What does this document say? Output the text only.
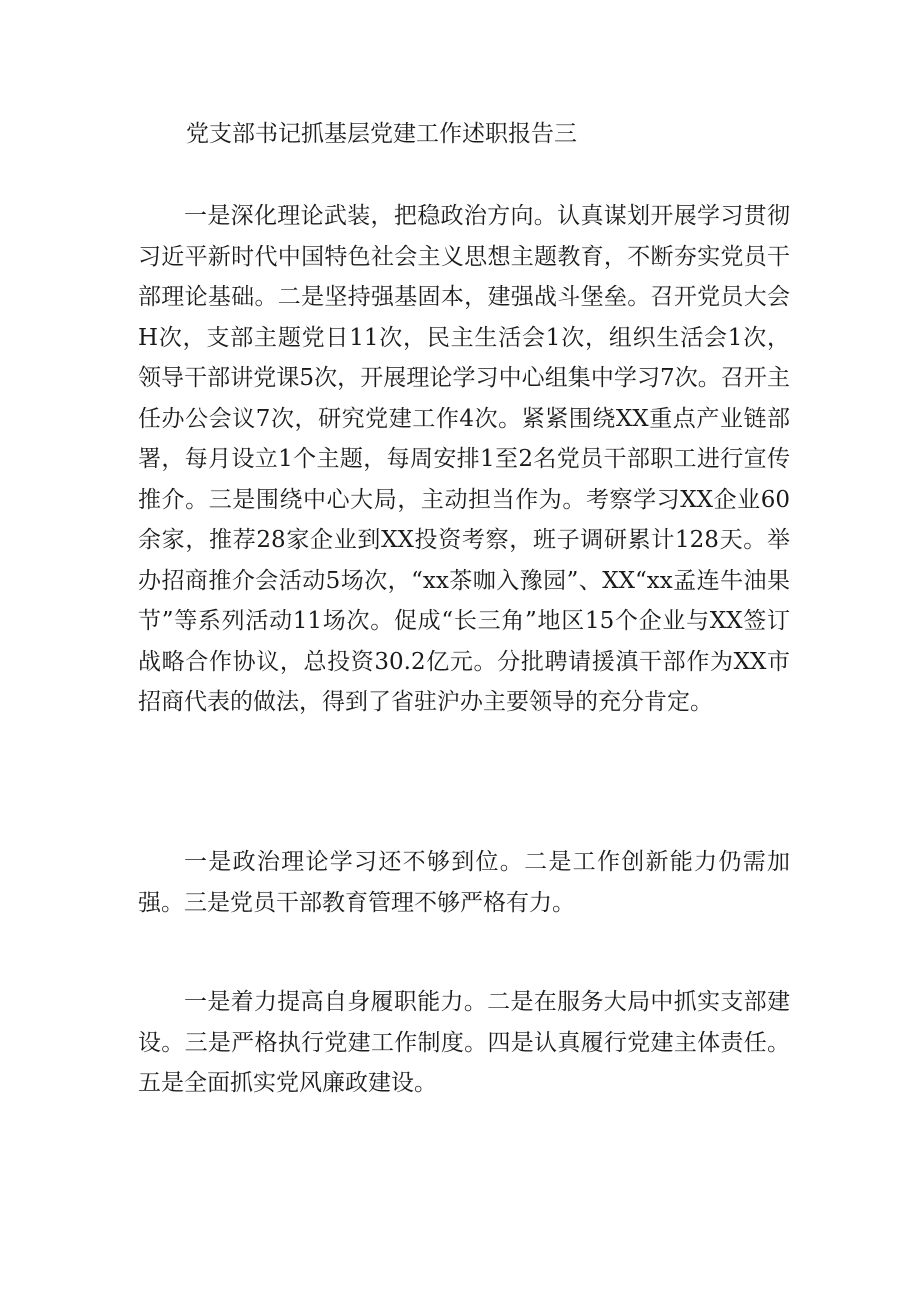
党支部书记抓基层党建工作述职报告三

一是深化理论武装，把稳政治方向。认真谋划开展学习贯彻习近平新时代中国特色社会主义思想主题教育，不断夯实党员干部理论基础。二是坚持强基固本，建强战斗堡垒。召开党员大会H次，支部主题党日11次，民主生活会1次，组织生活会1次，领导干部讲党课5次，开展理论学习中心组集中学习7次。召开主任办公会议7次，研究党建工作4次。紧紧围绕XX重点产业链部署，每月设立1个主题，每周安排1至2名党员干部职工进行宣传推介。三是围绕中心大局，主动担当作为。考察学习XX企业60余家，推荐28家企业到XX投资考察，班子调研累计128天。举办招商推介会活动5场次，“xx茶咖入豫园”、XX“xx孟连牛油果节”等系列活动11场次。促成“长三角”地区15个企业与XX签订战略合作协议，总投资30.2亿元。分批聘请援滇干部作为XX市招商代表的做法，得到了省驻沪办主要领导的充分肯定。

一是政治理论学习还不够到位。二是工作创新能力仍需加强。三是党员干部教育管理不够严格有力。

一是着力提高自身履职能力。二是在服务大局中抓实支部建设。三是严格执行党建工作制度。四是认真履行党建主体责任。五是全面抓实党风廉政建设。
